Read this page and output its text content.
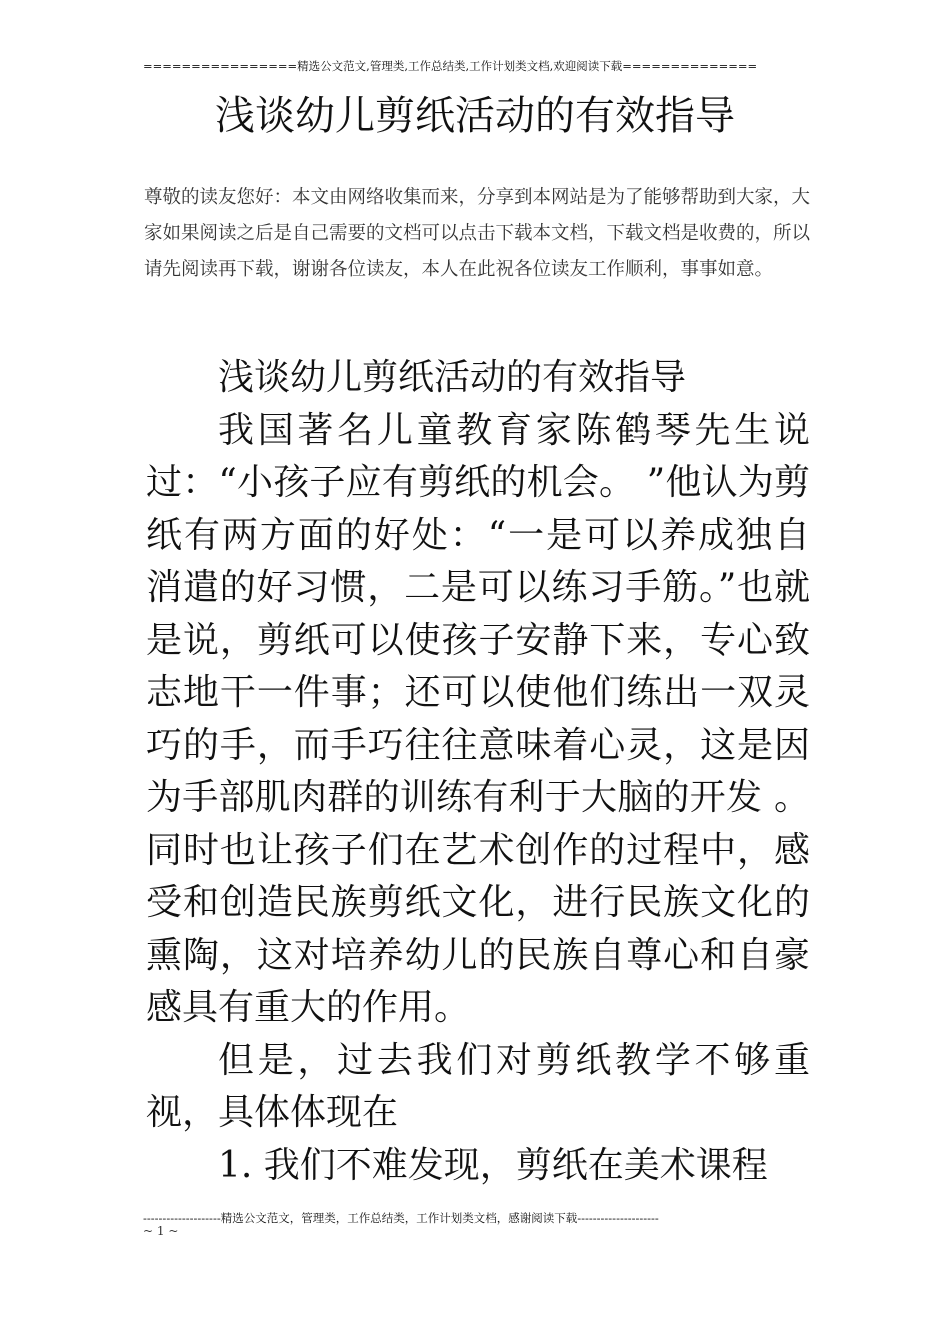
================精选公文范文,管理类,工作总结类,工作计划类文档,欢迎阅读下载==============
浅谈幼儿剪纸活动的有效指导
尊敬的读友您好：本文由网络收集而来，分享到本网站是为了能够帮助到大家，大家如果阅读之后是自己需要的文档可以点击下载本文档，下载文档是收费的，所以请先阅读再下载，谢谢各位读友，本人在此祝各位读友工作顺利，事事如意。

浅谈幼儿剪纸活动的有效指导

我国著名儿童教育家陈鹤琴先生说过：“小孩子应有剪纸的机会。 ”他认为剪纸有两方面的好处：“一是可以养成独自消遣的好习惯，二是可以练习手筋。”也就是说，剪纸可以使孩子安静下来，专心致志地干一件事；还可以使他们练出一双灵巧的手，而手巧往往意味着心灵，这是因为手部肌肉群的训练有利于大脑的开发 。同时也让孩子们在艺术创作的过程中，感受和创造民族剪纸文化，进行民族文化的熏陶，这对培养幼儿的民族自尊心和自豪感具有重大的作用。

但是，过去我们对剪纸教学不够重视，具体体现在

1. 我们不难发现，剪纸在美术课程

--------------------精选公文范文，管理类，工作总结类，工作计划类文档，感谢阅读下载---------------------
~ 1 ~
